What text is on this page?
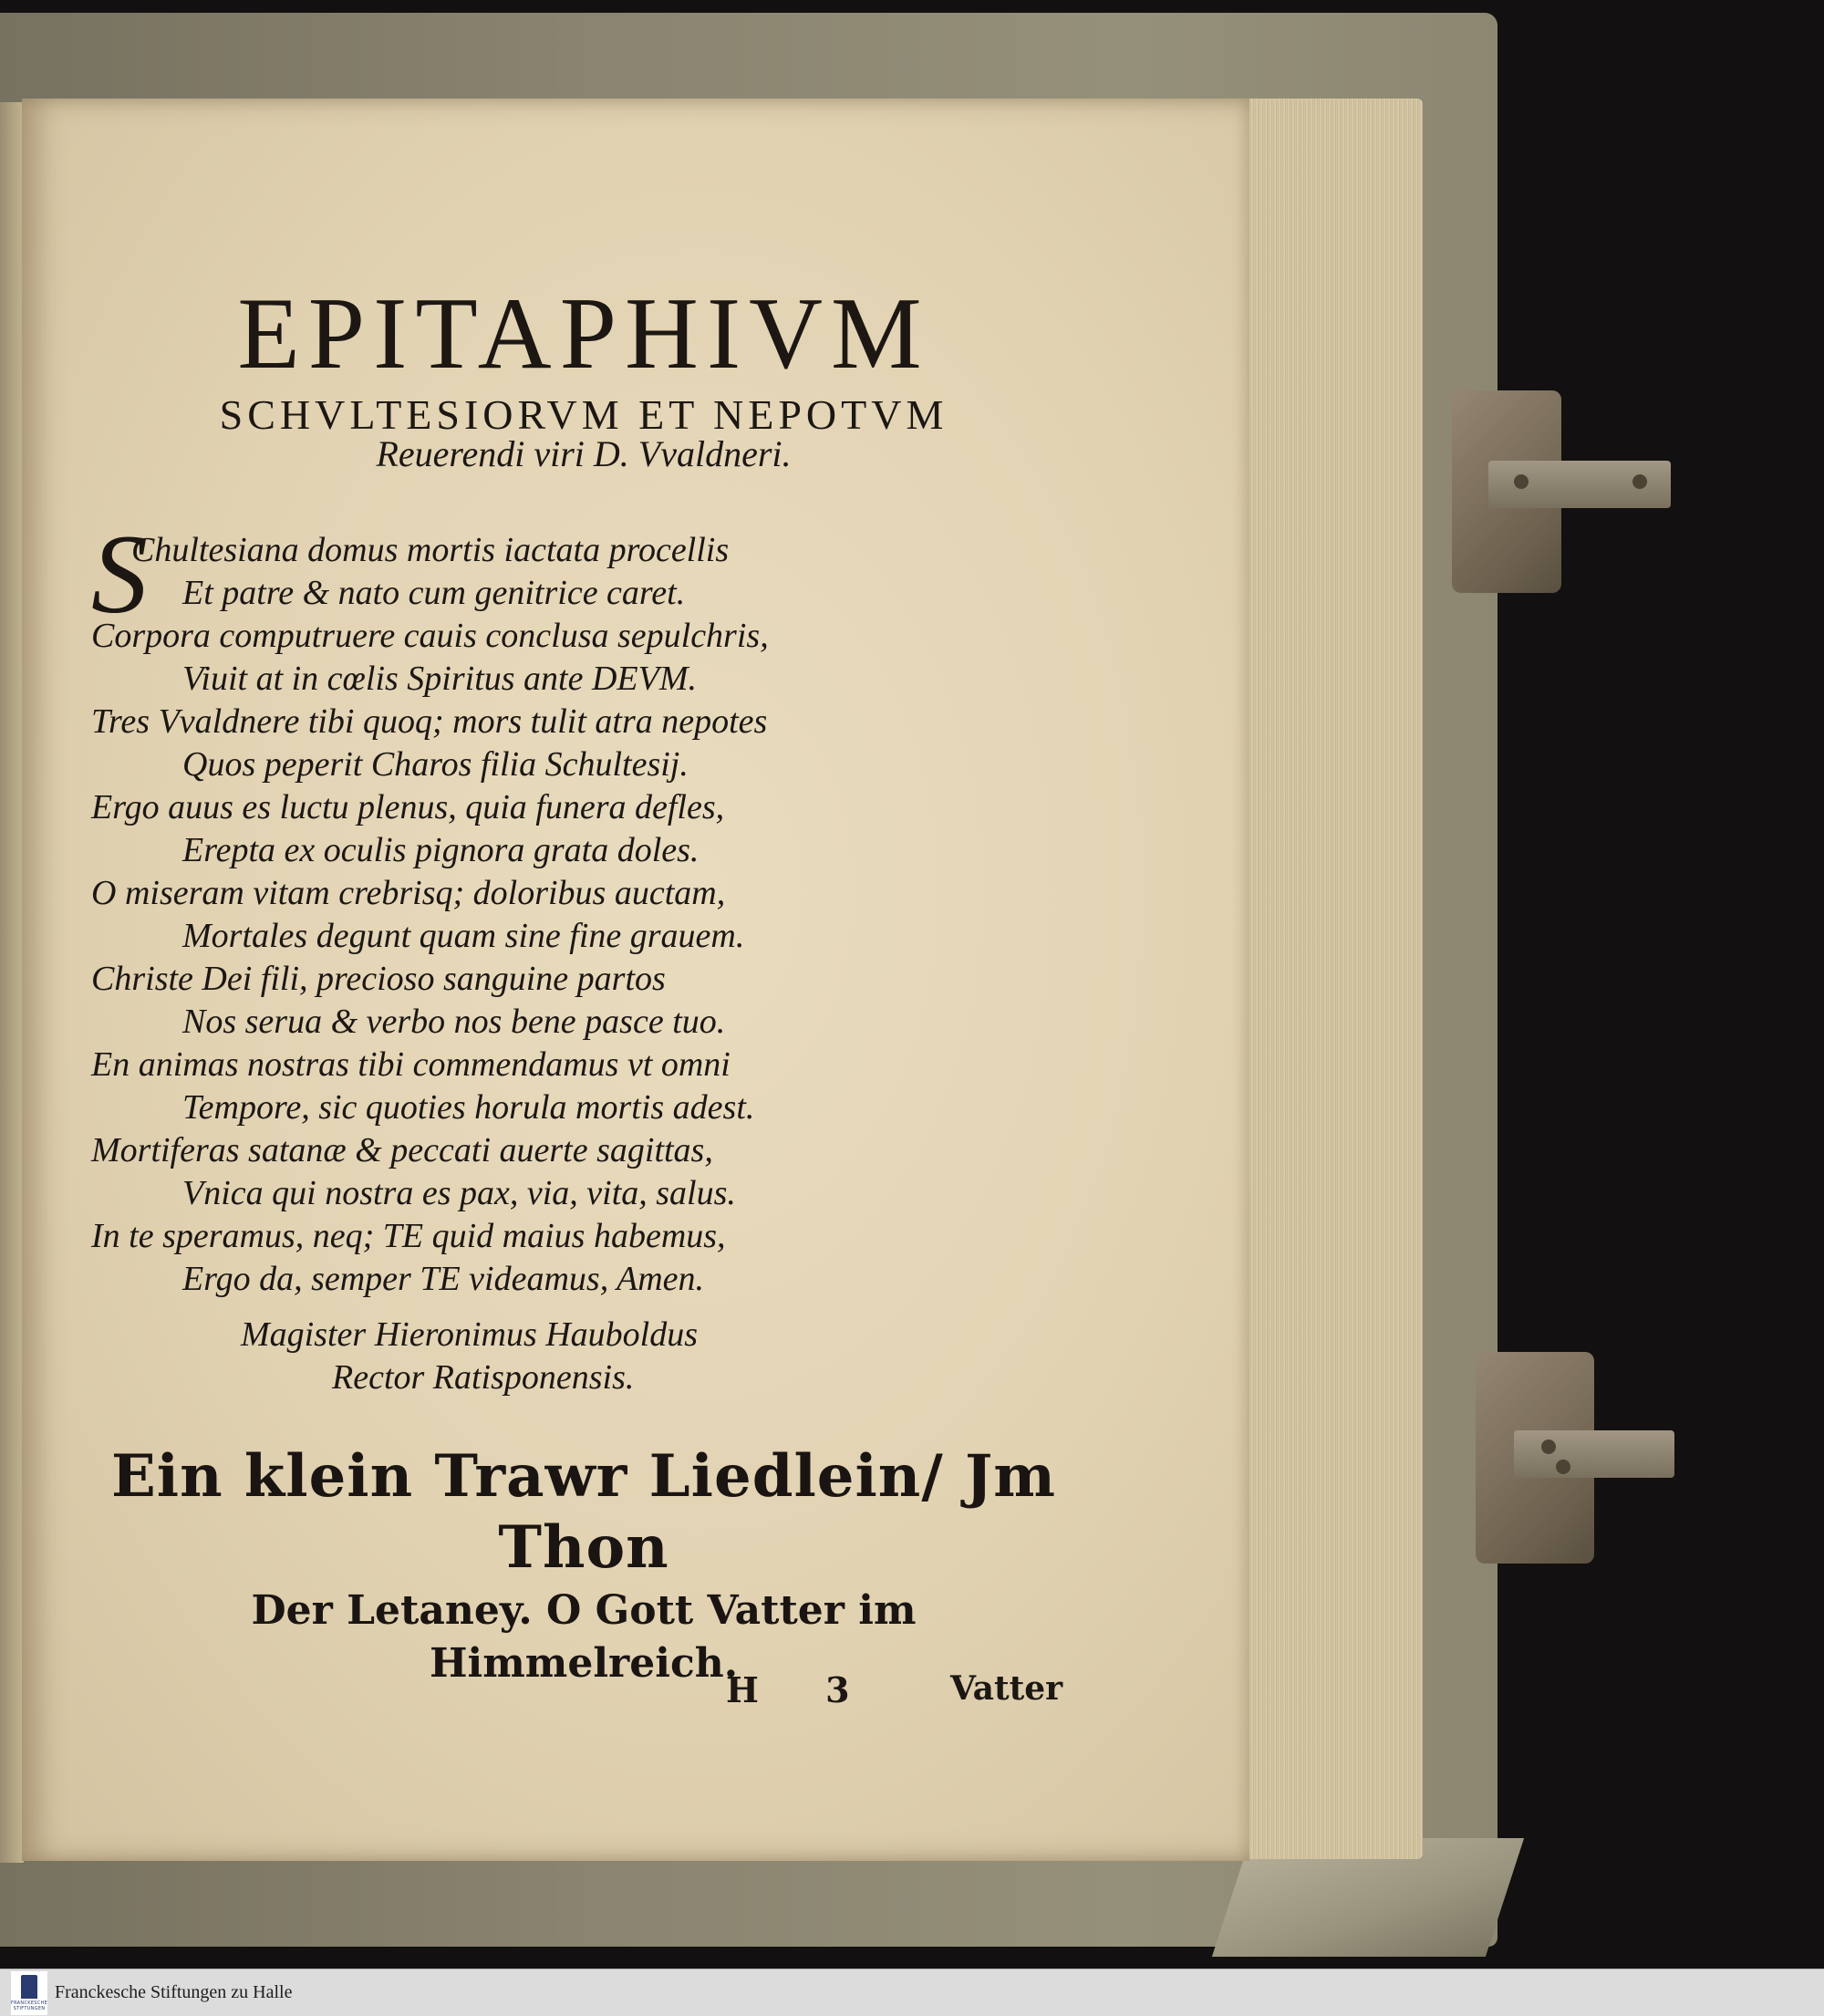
EPITAPHIVM
SCHVLTESIORVM ET NEPOTVM
Reuerendi viri D. Vvaldneri.
S
Chultesiana domus mortis iactata procellis
Et patre & nato cum genitrice caret.
Corpora computruere cauis conclusa sepulchris,
Viuit at in cœlis Spiritus ante DEVM.
Tres Vvaldnere tibi quoq; mors tulit atra nepotes
Quos peperit Charos filia Schultesij.
Ergo auus es luctu plenus, quia funera defles,
Erepta ex oculis pignora grata doles.
O miseram vitam crebrisq; doloribus auctam,
Mortales degunt quam sine fine grauem.
Christe Dei fili, precioso sanguine partos
Nos serua & verbo nos bene pasce tuo.
En animas nostras tibi commendamus vt omni
Tempore, sic quoties horula mortis adest.
Mortiferas satanæ & peccati auerte sagittas,
Vnica qui nostra es pax, via, vita, salus.
In te speramus, neq; TE quid maius habemus,
Ergo da, semper TE videamus, Amen.
Magister Hieronimus Hauboldus
Rector Ratisponensis.
Ein klein Trawr Liedlein/ Jm Thon
Der Letaney. O Gott Vatter im
Himmelreich.
H 3 Vatter
FRANCKESCHE STIFTUNGEN
Franckesche Stiftungen zu Halle
